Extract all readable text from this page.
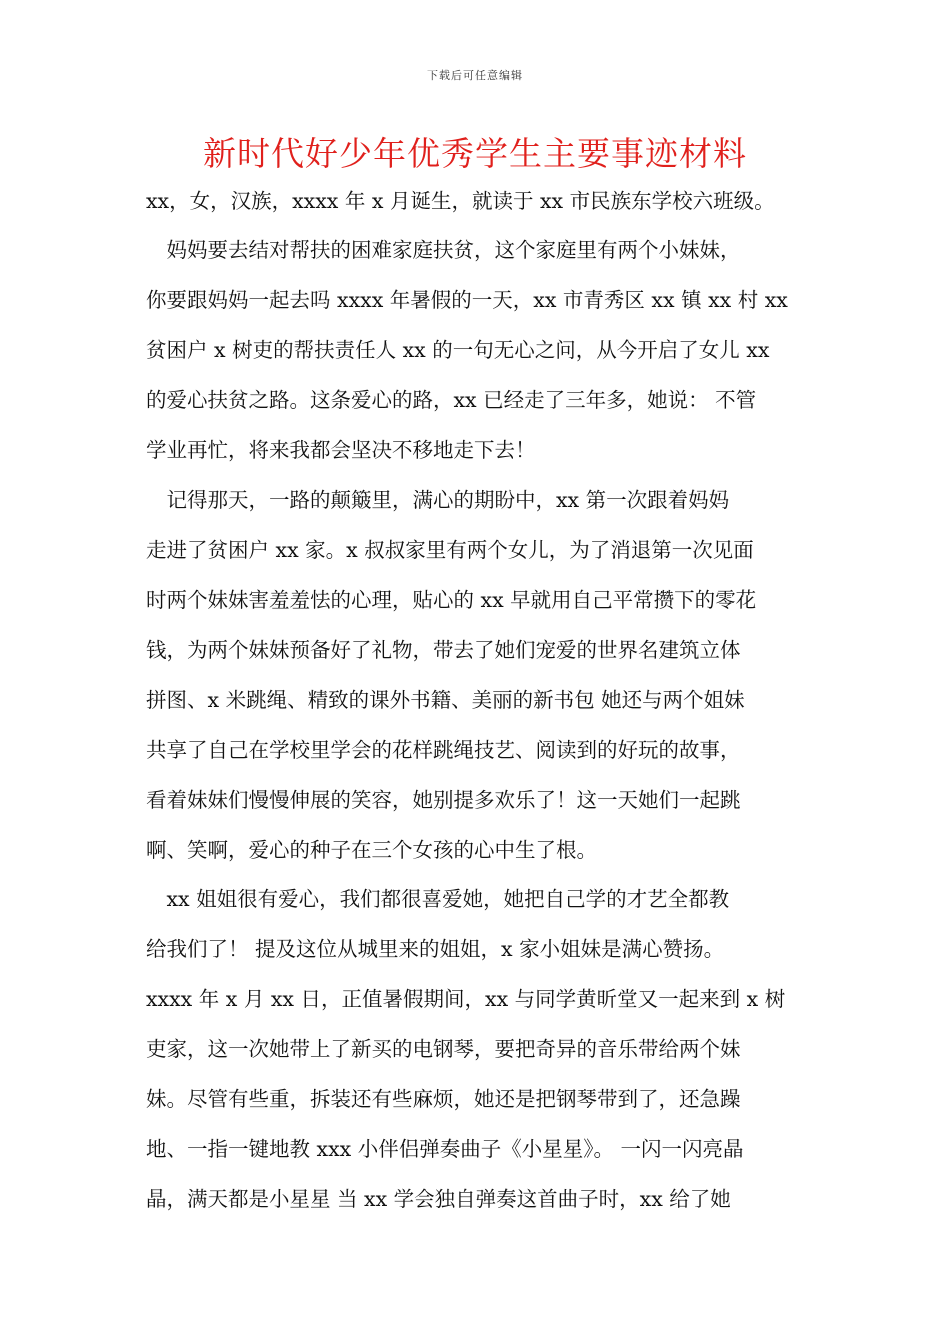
下载后可任意编辑
新时代好少年优秀学生主要事迹材料
xx，女，汉族，xxxx 年 x 月诞生，就读于 xx 市民族东学校六班级。
　妈妈要去结对帮扶的困难家庭扶贫，这个家庭里有两个小妹妹，
你要跟妈妈一起去吗 xxxx 年暑假的一天，xx 市青秀区 xx 镇 xx 村 xx
贫困户 x 树吏的帮扶责任人 xx 的一句无心之问，从今开启了女儿 xx
的爱心扶贫之路。这条爱心的路，xx 已经走了三年多，她说： 不管
学业再忙，将来我都会坚决不移地走下去！
　记得那天，一路的颠簸里，满心的期盼中，xx 第一次跟着妈妈
走进了贫困户 xx 家。x 叔叔家里有两个女儿，为了消退第一次见面
时两个妹妹害羞羞怯的心理，贴心的 xx 早就用自己平常攒下的零花
钱，为两个妹妹预备好了礼物，带去了她们宠爱的世界名建筑立体
拼图、x 米跳绳、精致的课外书籍、美丽的新书包 她还与两个姐妹
共享了自己在学校里学会的花样跳绳技艺、阅读到的好玩的故事，
看着妹妹们慢慢伸展的笑容，她别提多欢乐了！这一天她们一起跳
啊、笑啊，爱心的种子在三个女孩的心中生了根。
　xx 姐姐很有爱心，我们都很喜爱她，她把自己学的才艺全都教
给我们了！ 提及这位从城里来的姐姐，x 家小姐妹是满心赞扬。
xxxx 年 x 月 xx 日，正值暑假期间，xx 与同学黄昕堂又一起来到 x 树
吏家，这一次她带上了新买的电钢琴，要把奇异的音乐带给两个妹
妹。尽管有些重，拆装还有些麻烦，她还是把钢琴带到了，还急躁
地、一指一键地教 xxx 小伴侣弹奏曲子《小星星》。 一闪一闪亮晶
晶，满天都是小星星 当 xx 学会独自弹奏这首曲子时，xx 给了她
